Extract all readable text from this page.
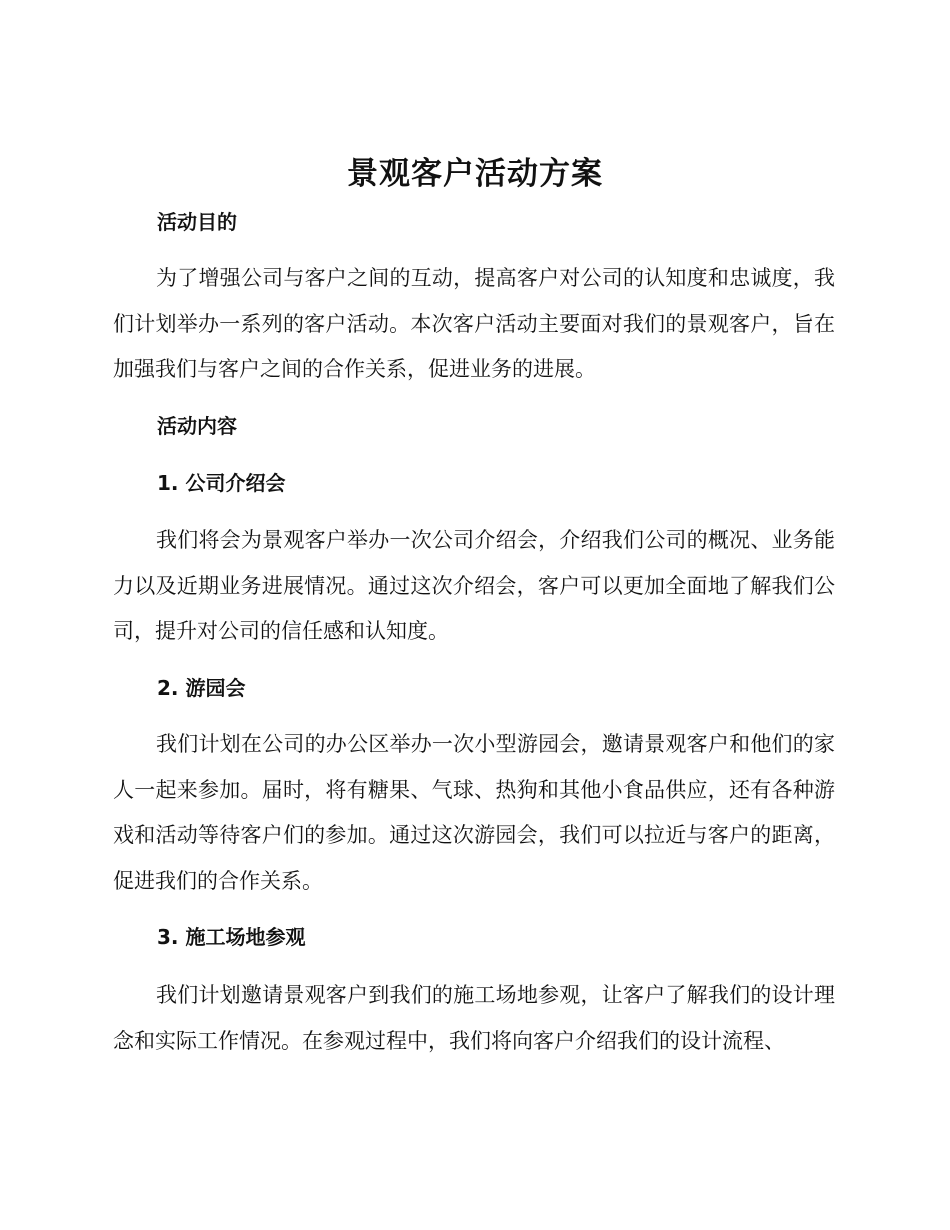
景观客户活动方案
活动目的

为了增强公司与客户之间的互动，提高客户对公司的认知度和忠诚度，我们计划举办一系列的客户活动。本次客户活动主要面对我们的景观客户，旨在加强我们与客户之间的合作关系，促进业务的进展。

活动内容
1. 公司介绍会

我们将会为景观客户举办一次公司介绍会，介绍我们公司的概况、业务能力以及近期业务进展情况。通过这次介绍会，客户可以更加全面地了解我们公司，提升对公司的信任感和认知度。

2. 游园会

我们计划在公司的办公区举办一次小型游园会，邀请景观客户和他们的家人一起来参加。届时，将有糖果、气球、热狗和其他小食品供应，还有各种游戏和活动等待客户们的参加。通过这次游园会，我们可以拉近与客户的距离，促进我们的合作关系。

3. 施工场地参观

我们计划邀请景观客户到我们的施工场地参观，让客户了解我们的设计理念和实际工作情况。在参观过程中，我们将向客户介绍我们的设计流程、
